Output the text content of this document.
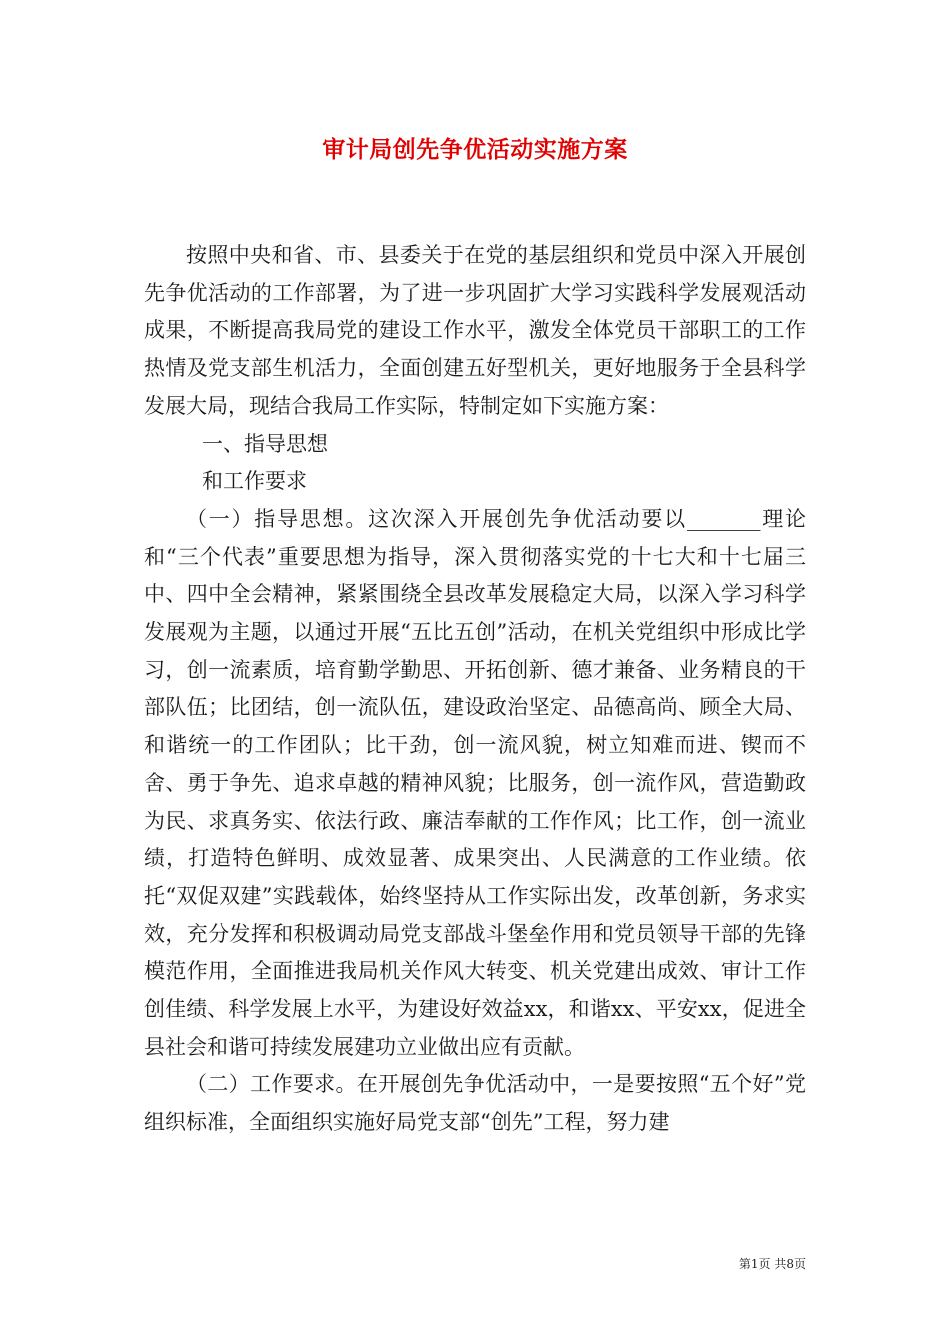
审计局创先争优活动实施方案

按照中央和省、市、县委关于在党的基层组织和党员中深入开展创先争优活动的工作部署，为了进一步巩固扩大学习实践科学发展观活动成果，不断提高我局党的建设工作水平，激发全体党员干部职工的工作热情及党支部生机活力，全面创建五好型机关，更好地服务于全县科学发展大局，现结合我局工作实际，特制定如下实施方案：

一、指导思想

和工作要求

（一）指导思想。这次深入开展创先争优活动要以_______理论和“三个代表”重要思想为指导，深入贯彻落实党的十七大和十七届三中、四中全会精神，紧紧围绕全县改革发展稳定大局，以深入学习科学发展观为主题，以通过开展“五比五创”活动，在机关党组织中形成比学习，创一流素质，培育勤学勤思、开拓创新、德才兼备、业务精良的干部队伍；比团结，创一流队伍，建设政治坚定、品德高尚、顾全大局、和谐统一的工作团队；比干劲，创一流风貌，树立知难而进、锲而不舍、勇于争先、追求卓越的精神风貌；比服务，创一流作风，营造勤政为民、求真务实、依法行政、廉洁奉献的工作作风；比工作，创一流业绩，打造特色鲜明、成效显著、成果突出、人民满意的工作业绩。依托“双促双建”实践载体，始终坚持从工作实际出发，改革创新，务求实效，充分发挥和积极调动局党支部战斗堡垒作用和党员领导干部的先锋模范作用，全面推进我局机关作风大转变、机关党建出成效、审计工作创佳绩、科学发展上水平，为建设好效益xx，和谐xx、平安xx，促进全县社会和谐可持续发展建功立业做出应有贡献。

（二）工作要求。在开展创先争优活动中，一是要按照“五个好”党组织标准，全面组织实施好局党支部“创先”工程，努力建

第1页 共8页
